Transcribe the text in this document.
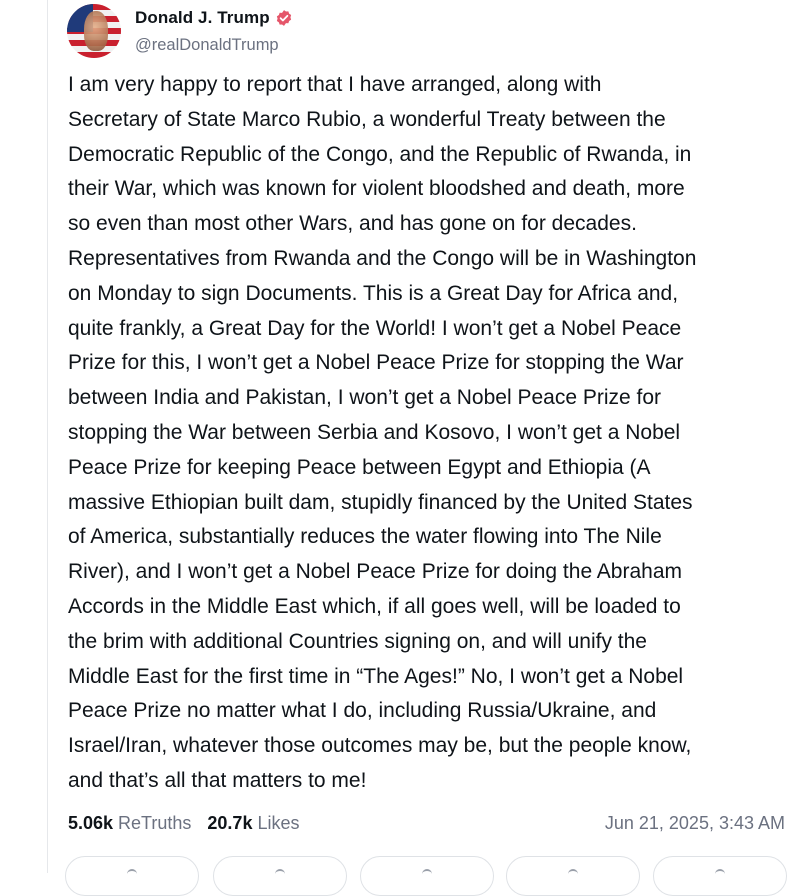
Donald J. Trump
@realDonaldTrump

I am very happy to report that I have arranged, along with

Secretary of State Marco Rubio, a wonderful Treaty between the

Democratic Republic of the Congo, and the Republic of Rwanda, in

their War, which was known for violent bloodshed and death, more

so even than most other Wars, and has gone on for decades.

Representatives from Rwanda and the Congo will be in Washington

on Monday to sign Documents. This is a Great Day for Africa and,

quite frankly, a Great Day for the World! I won’t get a Nobel Peace

Prize for this, I won’t get a Nobel Peace Prize for stopping the War

between India and Pakistan, I won’t get a Nobel Peace Prize for

stopping the War between Serbia and Kosovo, I won’t get a Nobel

Peace Prize for keeping Peace between Egypt and Ethiopia (A

massive Ethiopian built dam, stupidly financed by the United States

of America, substantially reduces the water flowing into The Nile

River), and I won’t get a Nobel Peace Prize for doing the Abraham

Accords in the Middle East which, if all goes well, will be loaded to

the brim with additional Countries signing on, and will unify the

Middle East for the first time in “The Ages!” No, I won’t get a Nobel

Peace Prize no matter what I do, including Russia/Ukraine, and

Israel/Iran, whatever those outcomes may be, but the people know,

and that’s all that matters to me!

5.06k ReTruths 20.7k Likes	Jun 21, 2025, 3:43 AM
